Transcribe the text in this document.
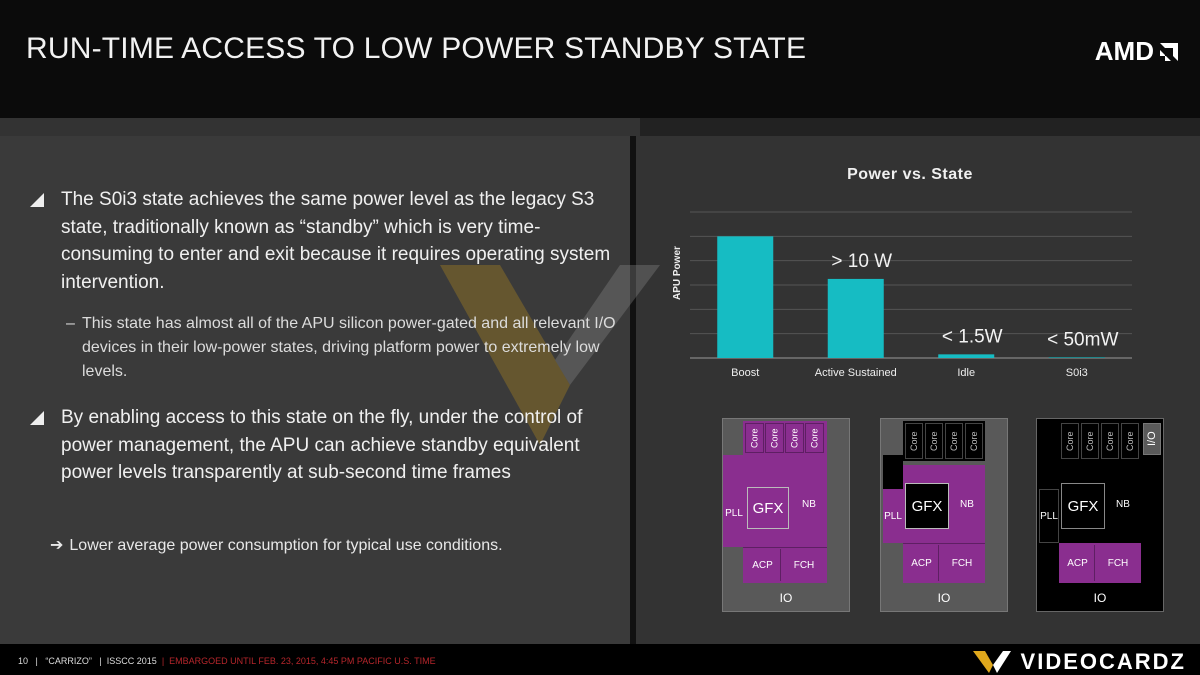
RUN-TIME ACCESS TO LOW POWER STANDBY STATE	AMD
The S0i3 state achieves the same power level as the legacy S3 state, traditionally known as “standby” which is very time-consuming to enter and exit because it requires operating system intervention.
– This state has almost all of the APU silicon power-gated and all relevant I/O devices in their low-power states, driving platform power to extremely low levels.
By enabling access to this state on the fly, under the control of power management, the APU can achieve standby equivalent power levels transparently at sub-second time frames
➔ Lower average power consumption for typical use conditions.
Power vs. State
APU Power
Boost	Active Sustained
> 10 W
Idle
< 1.5W
S0i3
< 50mW
Core	Core	Core	Core
PLL GFX	NB
ACP	FCH
IO
Core	Core	Core	Core
PLL
GFX	NB
ACP	FCH
IO
Core	Core	Core	Core	I/O
PLL
GFX	NB
ACP	FCH
IO
10 | “CARRIZO” | ISSCC 2015 | EMBARGOED UNTIL FEB. 23, 2015, 4:45 PM PACIFIC U.S. TIME	VIDEOCARDZ
